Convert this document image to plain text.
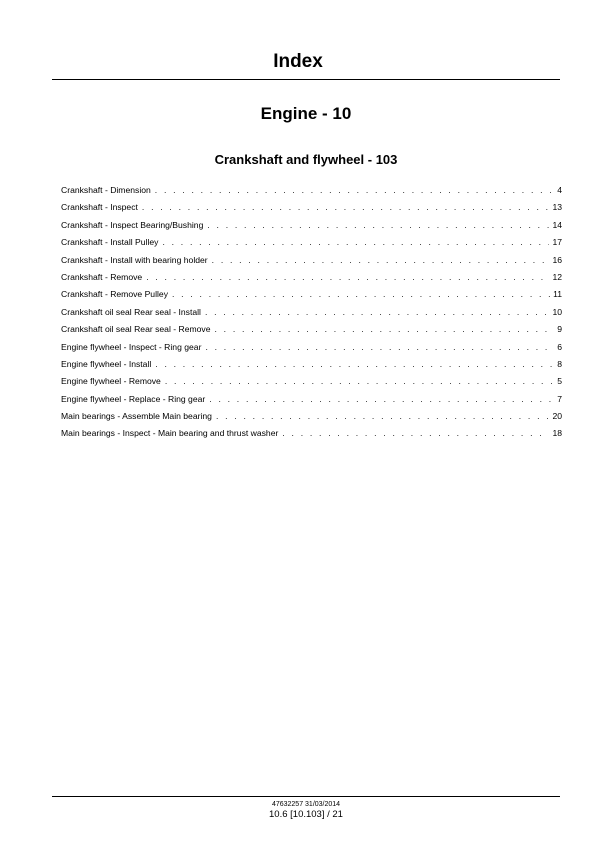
Index
Engine - 10
Crankshaft and flywheel - 103
Crankshaft - Dimension . . .	4
Crankshaft - Inspect . . .	13
Crankshaft - Inspect Bearing/Bushing . . .	14
Crankshaft - Install Pulley . . .	17
Crankshaft - Install with bearing holder . . .	16
Crankshaft - Remove . . .	12
Crankshaft - Remove Pulley . . .	11
Crankshaft oil seal Rear seal - Install . . .	10
Crankshaft oil seal Rear seal - Remove . . .	9
Engine flywheel - Inspect - Ring gear . . .	6
Engine flywheel - Install . . .	8
Engine flywheel - Remove . . .	5
Engine flywheel - Replace - Ring gear . . .	7
Main bearings - Assemble Main bearing . . .	20
Main bearings - Inspect - Main bearing and thrust washer . . .	18
47632257 31/03/2014
10.6 [10.103] / 21
